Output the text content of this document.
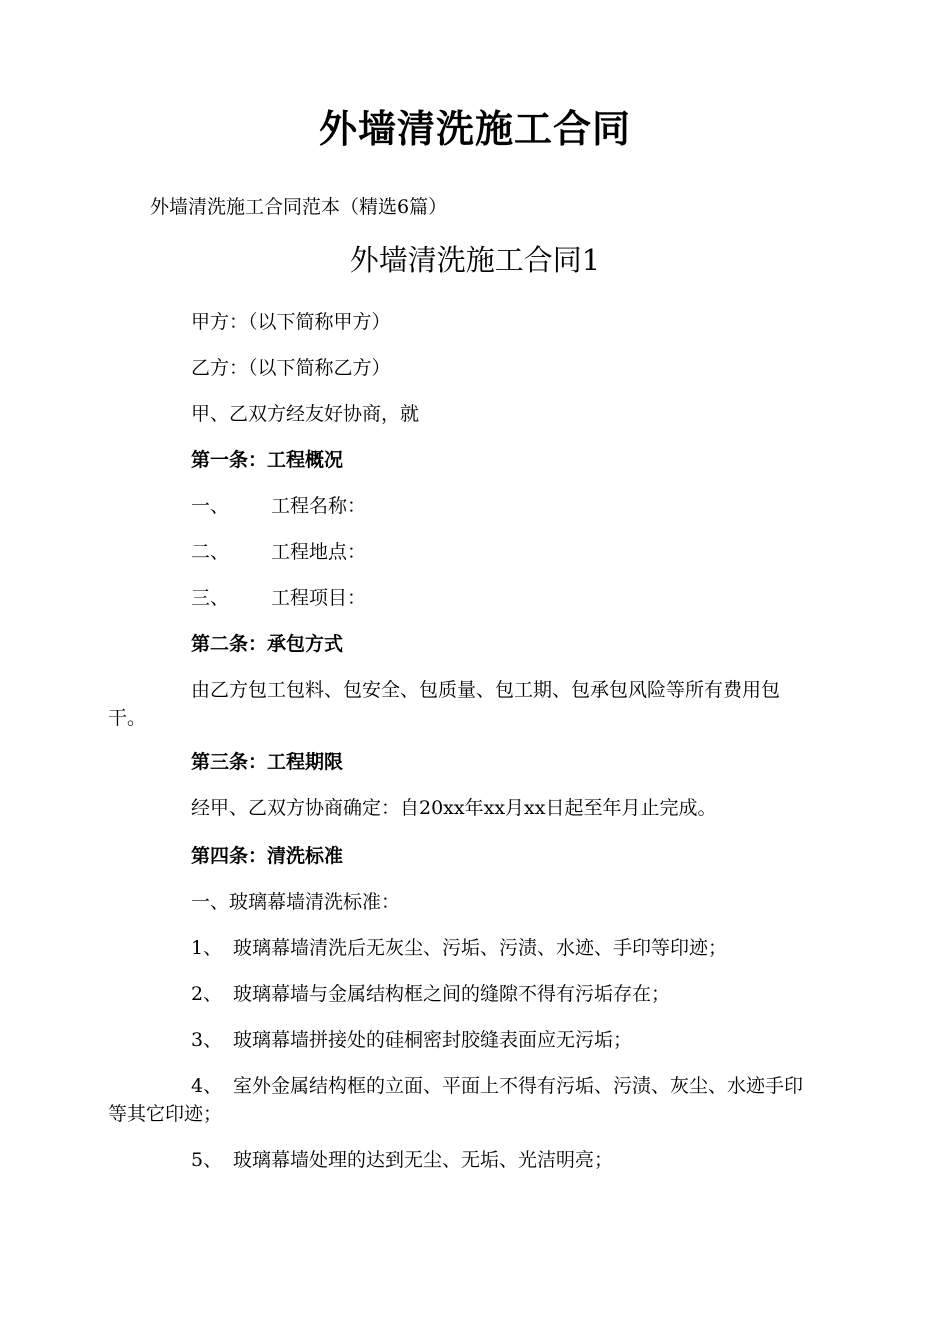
外墙清洗施工合同
外墙清洗施工合同范本（精选6篇）
外墙清洗施工合同1
甲方：（以下简称甲方）
乙方：（以下简称乙方）
甲、乙双方经友好协商，就
第一条：工程概况
一、 工程名称：
二、 工程地点：
三、 工程项目：
第二条：承包方式
由乙方包工包料、包安全、包质量、包工期、包承包风险等所有费用包
干。
第三条：工程期限
经甲、乙双方协商确定：自20xx年xx月xx日起至年月止完成。
第四条：清洗标准
一、玻璃幕墙清洗标准：
1、 玻璃幕墙清洗后无灰尘、污垢、污渍、水迹、手印等印迹；
2、 玻璃幕墙与金属结构框之间的缝隙不得有污垢存在；
3、 玻璃幕墙拼接处的硅桐密封胶缝表面应无污垢；
4、 室外金属结构框的立面、平面上不得有污垢、污渍、灰尘、水迹手印
等其它印迹；
5、 玻璃幕墙处理的达到无尘、无垢、光洁明亮；
